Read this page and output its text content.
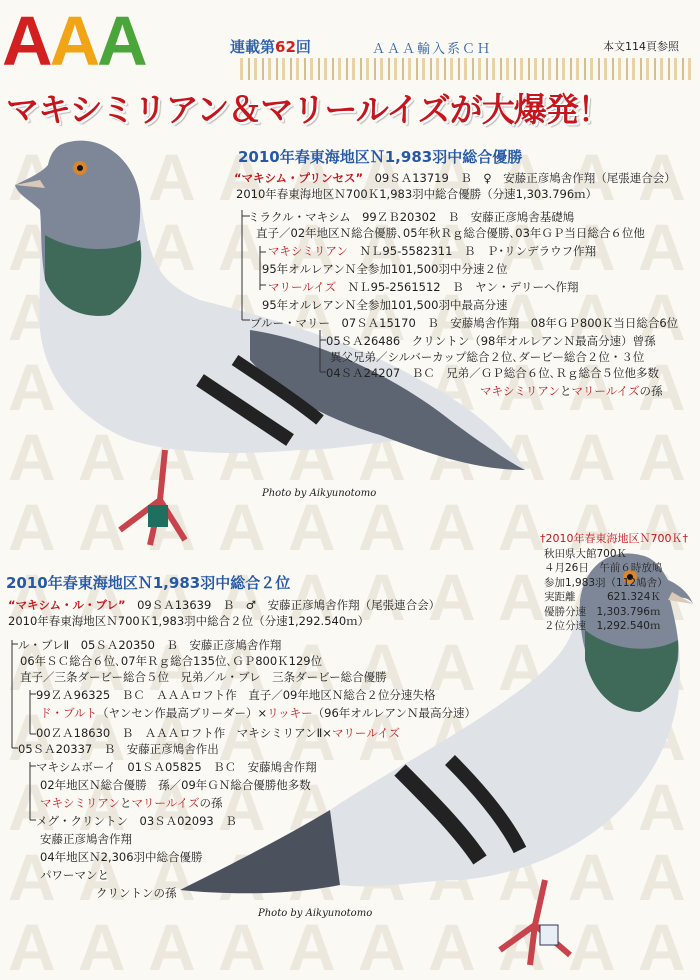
AAA	連載第62回	ＡＡＡ輸入系ＣＨ	本文114頁参照
マキシミリアン＆マリールイズが大爆発！
2010年春東海地区Ｎ1,983羽中総合優勝
“マキシム・プリンセス”　 09ＳＡ13719　Ｂ　♀　安藤正彦鳩舎作翔（尾張連合会）
2010年春東海地区Ｎ700Ｋ1,983羽中総合優勝（分速1,303.796ｍ）
ミラクル・マキシム　99ＺＢ20302　Ｂ　安藤正彦鳩舎基礎鳩
直子／02年地区Ｎ総合優勝､05年秋Ｒｇ総合優勝､03年ＧＰ当日総合６位他
マキシミリアン　 ＮＬ95-5582311　Ｂ　Ｐ･リンデラウフ作翔
95年オルレアンＮ全参加101,500羽中分速２位
マリールイズ　 ＮＬ95-2561512　Ｂ　ヤン・デリーへ作翔
95年オルレアンＮ全参加101,500羽中最高分速
ブルー・マリー　07ＳＡ15170　Ｂ　安藤鳩舎作翔　08年ＧＰ800Ｋ当日総合6位
05ＳＡ26486　クリントン（98年オルレアンＮ最高分速）曾孫
異父兄弟／シルバーカップ総合２位､ダービー総合２位・３位
04ＳＡ24207　ＢＣ　兄弟／ＧＰ総合６位､Ｒｇ総合５位他多数
マキシミリアンとマリールイズの孫
Photo by Aikyunotomo
†2010年春東海地区Ｎ700Ｋ†
秋田県大館700Ｋ
４月26日　午前６時放鳩
参加1,983羽（112鳩舎）
実距離　　　621.324Ｋ
優勝分速　1,303.796ｍ
２位分速　1,292.540ｍ
2010年春東海地区Ｎ1,983羽中総合２位
“マキシム・ル・ブレ”　 09ＳＡ13639　Ｂ　♂　安藤正彦鳩舎作翔（尾張連合会）
2010年春東海地区Ｎ700Ｋ1,983羽中総合２位（分速1,292.540ｍ）
ル・ブレⅡ　05ＳＡ20350　Ｂ　安藤正彦鳩舎作翔
06年ＳＣ総合６位､07年Ｒｇ総合135位､ＧＰ800Ｋ129位
直子／三条ダービー総合５位　兄弟／ル・ブレ　三条ダービー総合優勝
99ＺＡ96325　ＢＣ　ＡＡＡロフト作　直子／09年地区Ｎ総合２位分速失格
ド・ブルト（ヤンセン作最高ブリーダー）×リッキー（96年オルレアンＮ最高分速）
00ＺＡ18630　Ｂ　ＡＡＡロフト作　マキシミリアンⅡ×マリールイズ
05ＳＡ20337　Ｂ　安藤正彦鳩舎作出
マキシムボーイ　01ＳＡ05825　ＢＣ　安藤鳩舎作翔
02年地区Ｎ総合優勝　孫／09年ＧＮ総合優勝他多数
マキシミリアンとマリールイズの孫
メグ・クリントン　03ＳＡ02093　Ｂ
安藤正彦鳩舎作翔
04年地区Ｎ2,306羽中総合優勝
パワーマンと
クリントンの孫
Photo by Aikyunotomo
